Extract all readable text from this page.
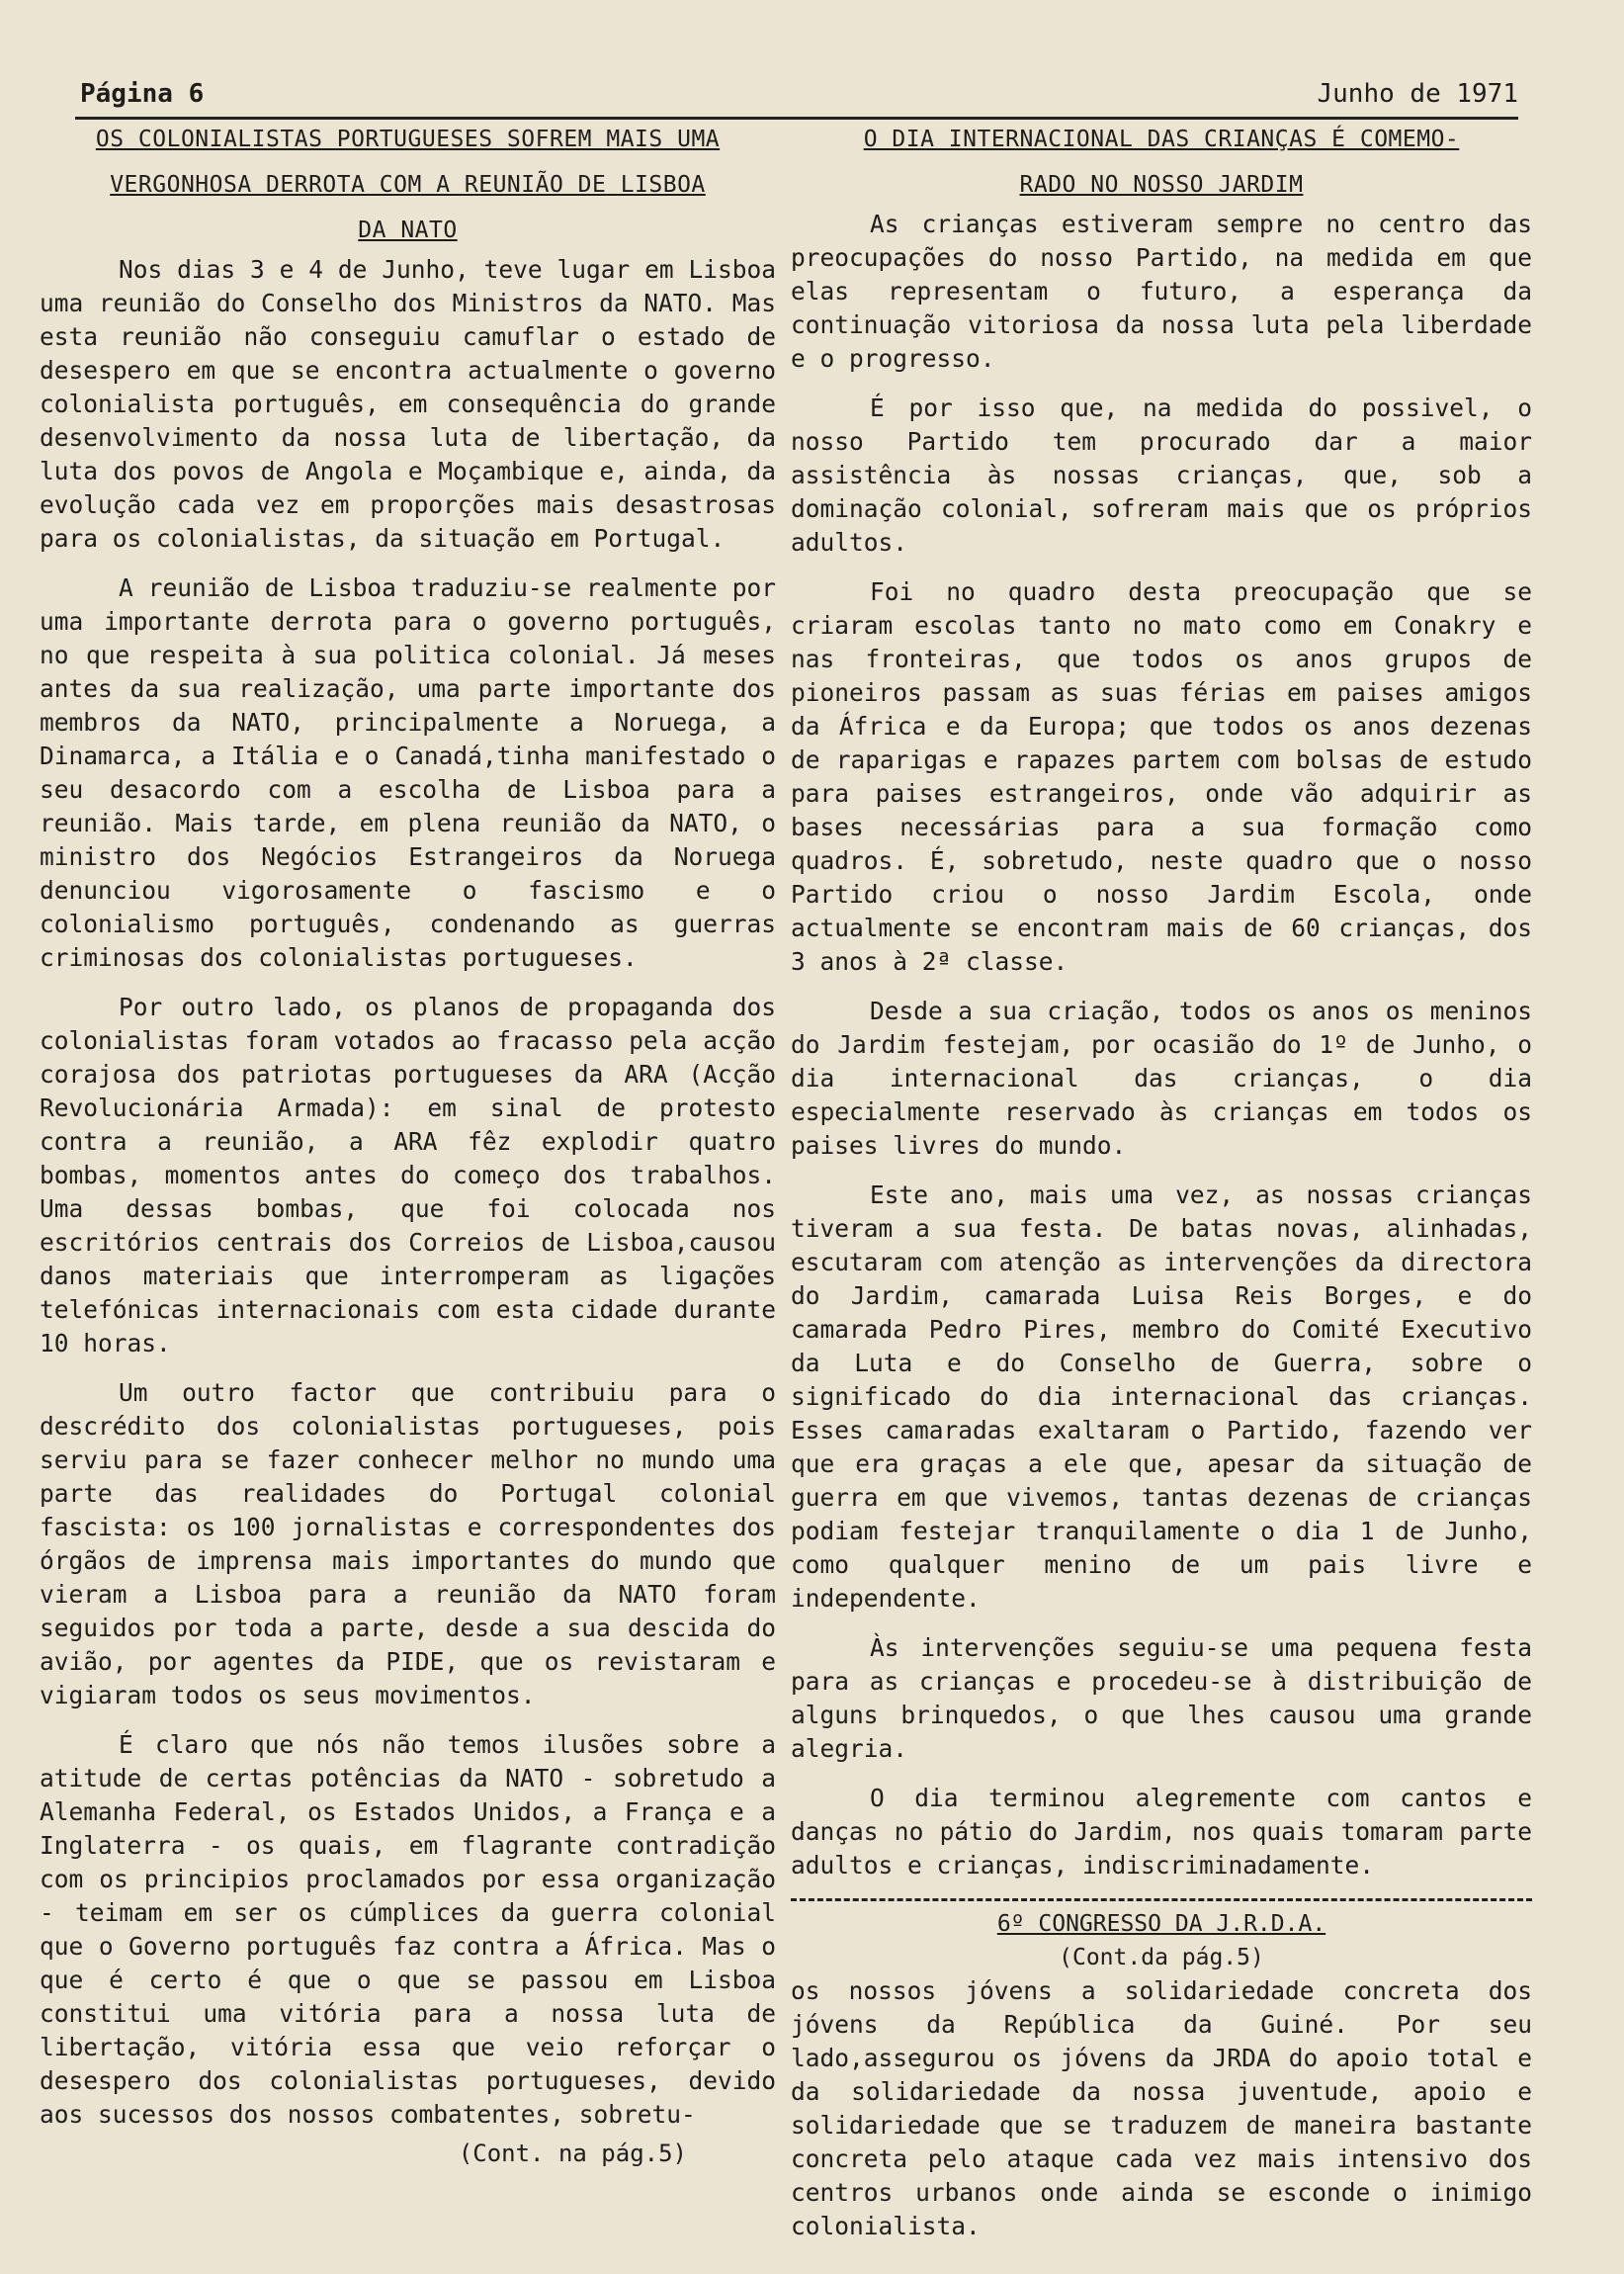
Página 6	Junho de 1971
OS COLONIALISTAS PORTUGUESES SOFREM MAIS UMA
VERGONHOSA DERROTA COM A REUNIÃO DE LISBOA
DA NATO

Nos dias 3 e 4 de Junho, teve lugar em Lisboa uma reunião do Conselho dos Ministros da NATO. Mas esta reunião não conseguiu camuflar o estado de desespero em que se encontra actualmente o governo colonialista português, em consequência do grande desenvolvimento da nossa luta de libertação, da luta dos povos de Angola e Moçambique e, ainda, da evolução cada vez em proporções mais desastrosas para os colonialistas, da situação em Portugal.

A reunião de Lisboa traduziu-se realmente por uma importante derrota para o governo português, no que respeita à sua politica colonial. Já meses antes da sua realização, uma parte importante dos membros da NATO, principalmente a Noruega, a Dinamarca, a Itália e o Canadá,tinha manifestado o seu desacordo com a escolha de Lisboa para a reunião. Mais tarde, em plena reunião da NATO, o ministro dos Negócios Estrangeiros da Noruega denunciou vigorosamente o fascismo e o colonialismo português, condenando as guerras criminosas dos colonialistas portugueses.

Por outro lado, os planos de propaganda dos colonialistas foram votados ao fracasso pela acção corajosa dos patriotas portugueses da ARA (Acção Revolucionária Armada): em sinal de protesto contra a reunião, a ARA fêz explodir quatro bombas, momentos antes do começo dos trabalhos. Uma dessas bombas, que foi colocada nos escritórios centrais dos Correios de Lisboa,causou danos materiais que interromperam as ligações telefónicas internacionais com esta cidade durante 10 horas.

Um outro factor que contribuiu para o descrédito dos colonialistas portugueses, pois serviu para se fazer conhecer melhor no mundo uma parte das realidades do Portugal colonial fascista: os 100 jornalistas e correspondentes dos órgãos de imprensa mais importantes do mundo que vieram a Lisboa para a reunião da NATO foram seguidos por toda a parte, desde a sua descida do avião, por agentes da PIDE, que os revistaram e vigiaram todos os seus movimentos.

É claro que nós não temos ilusões sobre a atitude de certas potências da NATO - sobretudo a Alemanha Federal, os Estados Unidos, a França e a Inglaterra - os quais, em flagrante contradição com os principios proclamados por essa organização - teimam em ser os cúmplices da guerra colonial que o Governo português faz contra a África. Mas o que é certo é que o que se passou em Lisboa constitui uma vitória para a nossa luta de libertação, vitória essa que veio reforçar o desespero dos colonialistas portugueses, devido aos sucessos dos nossos combatentes, sobretu-

(Cont. na pág.5)
O DIA INTERNACIONAL DAS CRIANÇAS É COMEMO-
RADO NO NOSSO JARDIM

As crianças estiveram sempre no centro das preocupações do nosso Partido, na medida em que elas representam o futuro, a esperança da continuação vitoriosa da nossa luta pela liberdade e o progresso.

É por isso que, na medida do possivel, o nosso Partido tem procurado dar a maior assistência às nossas crianças, que, sob a dominação colonial, sofreram mais que os próprios adultos.

Foi no quadro desta preocupação que se criaram escolas tanto no mato como em Conakry e nas fronteiras, que todos os anos grupos de pioneiros passam as suas férias em paises amigos da África e da Europa; que todos os anos dezenas de raparigas e rapazes partem com bolsas de estudo para paises estrangeiros, onde vão adquirir as bases necessárias para a sua formação como quadros. É, sobretudo, neste quadro que o nosso Partido criou o nosso Jardim Escola, onde actualmente se encontram mais de 60 crianças, dos 3 anos à 2ª classe.

Desde a sua criação, todos os anos os meninos do Jardim festejam, por ocasião do 1º de Junho, o dia internacional das crianças, o dia especialmente reservado às crianças em todos os paises livres do mundo.

Este ano, mais uma vez, as nossas crianças tiveram a sua festa. De batas novas, alinhadas, escutaram com atenção as intervenções da directora do Jardim, camarada Luisa Reis Borges, e do camarada Pedro Pires, membro do Comité Executivo da Luta e do Conselho de Guerra, sobre o significado do dia internacional das crianças. Esses camaradas exaltaram o Partido, fazendo ver que era graças a ele que, apesar da situação de guerra em que vivemos, tantas dezenas de crianças podiam festejar tranquilamente o dia 1 de Junho, como qualquer menino de um pais livre e independente.

Às intervenções seguiu-se uma pequena festa para as crianças e procedeu-se à distribuição de alguns brinquedos, o que lhes causou uma grande alegria.

O dia terminou alegremente com cantos e danças no pátio do Jardim, nos quais tomaram parte adultos e crianças, indiscriminadamente.

6º CONGRESSO DA J.R.D.A.
(Cont.da pág.5)

os nossos jóvens a solidariedade concreta dos jóvens da República da Guiné. Por seu lado,assegurou os jóvens da JRDA do apoio total e da solidariedade da nossa juventude, apoio e solidariedade que se traduzem de maneira bastante concreta pelo ataque cada vez mais intensivo dos centros urbanos onde ainda se esconde o inimigo colonialista.
